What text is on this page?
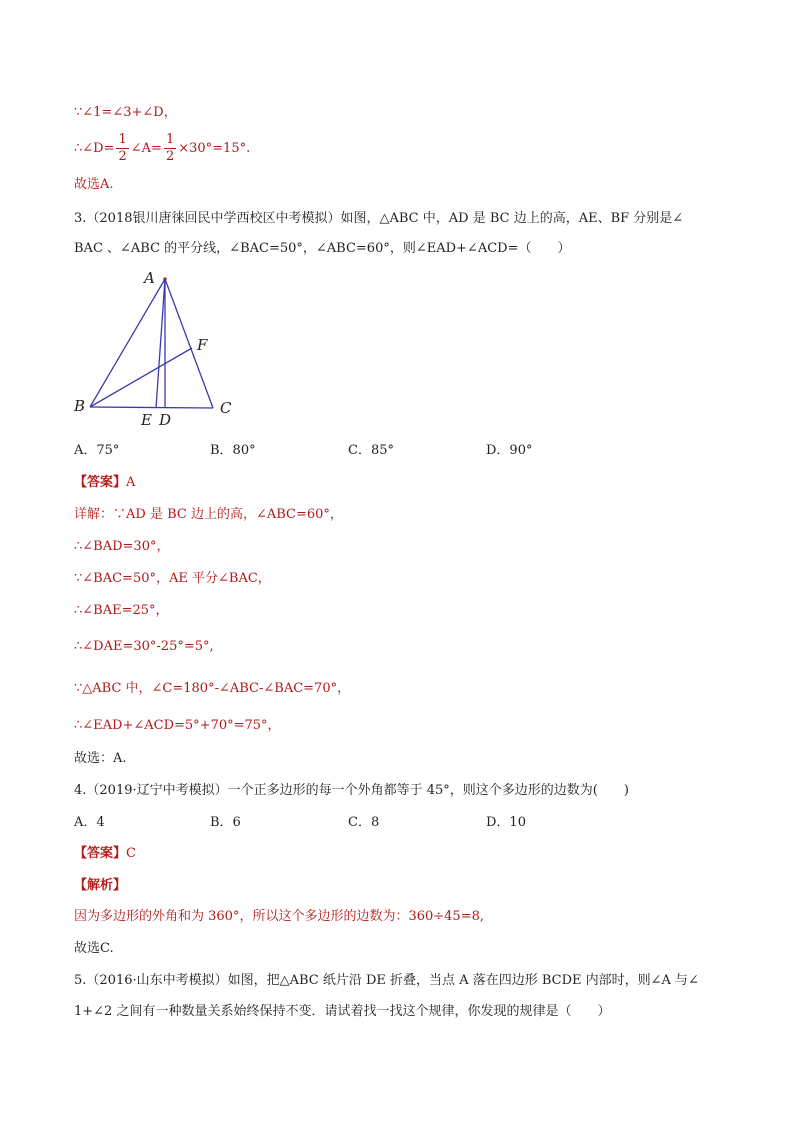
∵∠1=∠3+∠D，
∴∠D= $\frac{1}{2}$ ∠A= $\frac{1}{2} \times 30^\circ=15^\circ$.
故选A.
3.（2018银川唐徕回民中学西校区中考模拟）如图，△ABC 中，AD 是 BC 边上的高，AE、BF 分别是∠
BAC 、∠ABC 的平分线，∠BAC=50°，∠ABC=60°，则∠EAD+∠ACD=（　　）
A
B	C
E D
F
A．75°	B．80°	C．85°	D．90°
【答案】A
详解：∵AD 是 BC 边上的高，∠ABC=60°，
∴∠BAD=30°，
∵∠BAC=50°，AE 平分∠BAC，
∴∠BAE=25°，
∴∠DAE=30°-25°=5°,
∵△ABC 中，∠C=180°-∠ABC-∠BAC=70°，
∴∠EAD+∠ACD=5°+70°=75°，
故选：A.
4.（2019·辽宁中考模拟）一个正多边形的每一个外角都等于 45°，则这个多边形的边数为(　　)
A．4	B．6	C．8	D．10
【答案】C
【解析】
因为多边形的外角和为 360°，所以这个多边形的边数为：360÷45=8,
故选C.
5.（2016·山东中考模拟）如图，把△ABC 纸片沿 DE 折叠，当点 A 落在四边形 BCDE 内部时，则∠A 与∠
1+∠2 之间有一种数量关系始终保持不变．请试着找一找这个规律，你发现的规律是（　　）
